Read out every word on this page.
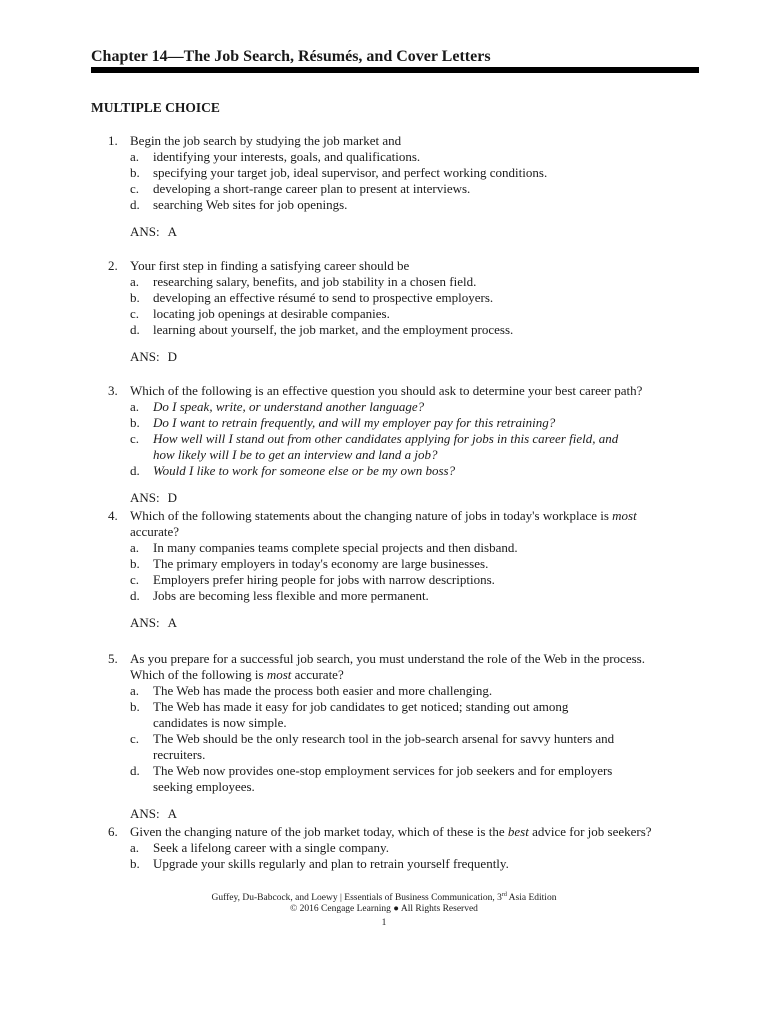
Chapter 14—The Job Search, Résumés, and Cover Letters
MULTIPLE CHOICE
1. Begin the job search by studying the job market and
a. identifying your interests, goals, and qualifications.
b. specifying your target job, ideal supervisor, and perfect working conditions.
c. developing a short-range career plan to present at interviews.
d. searching Web sites for job openings.
ANS: A
2. Your first step in finding a satisfying career should be
a. researching salary, benefits, and job stability in a chosen field.
b. developing an effective résumé to send to prospective employers.
c. locating job openings at desirable companies.
d. learning about yourself, the job market, and the employment process.
ANS: D
3. Which of the following is an effective question you should ask to determine your best career path?
a. Do I speak, write, or understand another language?
b. Do I want to retrain frequently, and will my employer pay for this retraining?
c. How well will I stand out from other candidates applying for jobs in this career field, and
how likely will I be to get an interview and land a job?
d. Would I like to work for someone else or be my own boss?
ANS: D
4. Which of the following statements about the changing nature of jobs in today's workplace is most
accurate?
a. In many companies teams complete special projects and then disband.
b. The primary employers in today's economy are large businesses.
c. Employers prefer hiring people for jobs with narrow descriptions.
d. Jobs are becoming less flexible and more permanent.
ANS: A
5. As you prepare for a successful job search, you must understand the role of the Web in the process.
Which of the following is most accurate?
a. The Web has made the process both easier and more challenging.
b. The Web has made it easy for job candidates to get noticed; standing out among
candidates is now simple.
c. The Web should be the only research tool in the job-search arsenal for savvy hunters and
recruiters.
d. The Web now provides one-stop employment services for job seekers and for employers
seeking employees.
ANS: A
6. Given the changing nature of the job market today, which of these is the best advice for job seekers?
a. Seek a lifelong career with a single company.
b. Upgrade your skills regularly and plan to retrain yourself frequently.
Guffey, Du-Babcock, and Loewy | Essentials of Business Communication, 3rd Asia Edition
© 2016 Cengage Learning ● All Rights Reserved
1
